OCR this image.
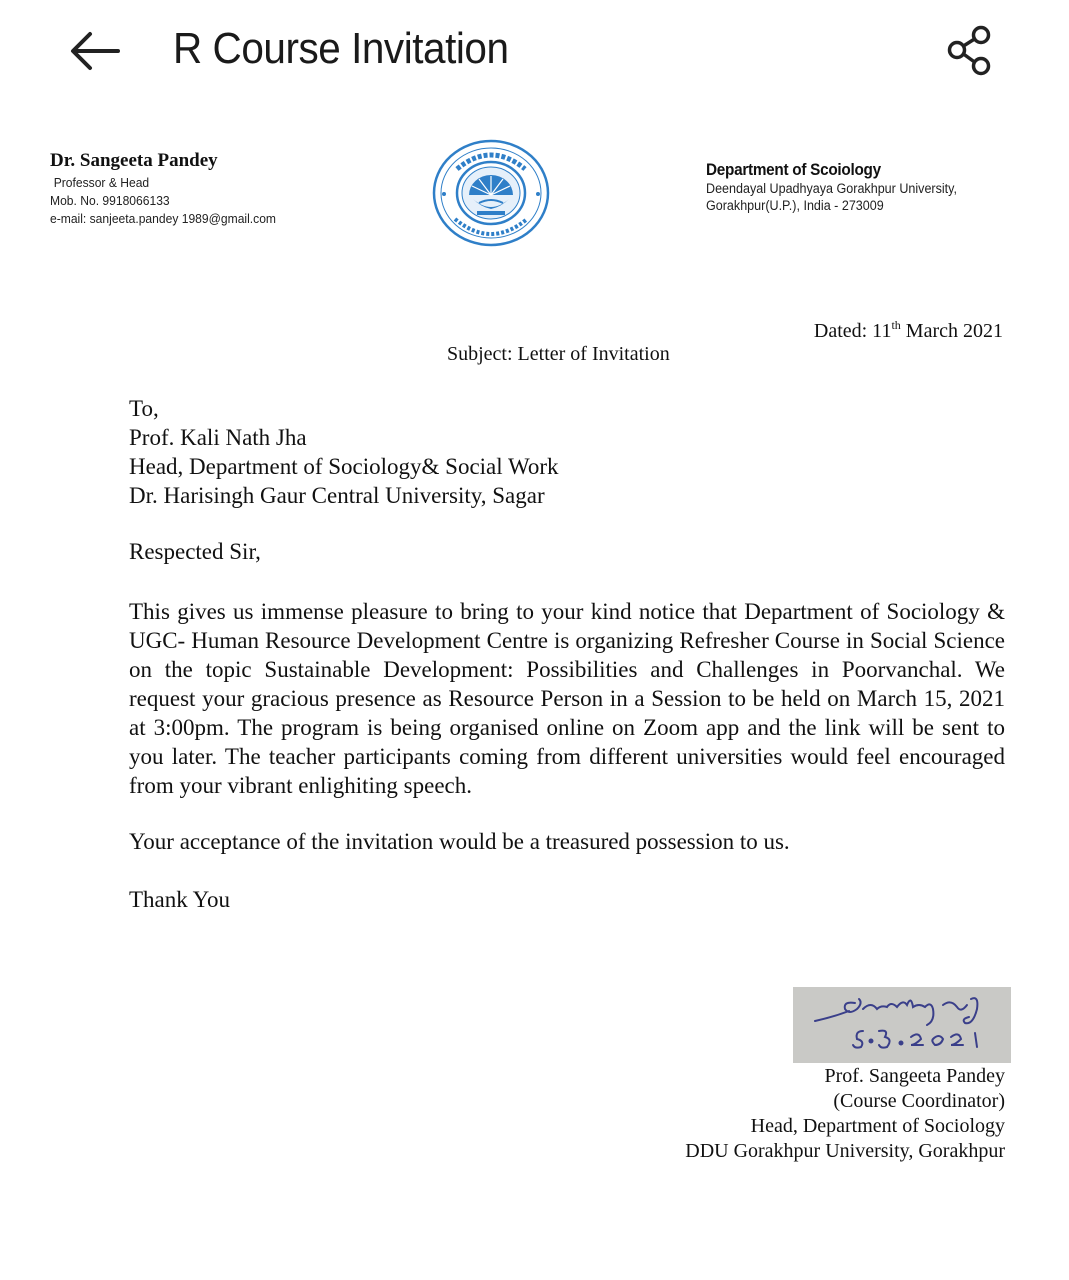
R Course Invitation
Dr. Sangeeta Pandey
Professor & Head
Mob. No. 9918066133
e-mail: sanjeeta.pandey 1989@gmail.com
Department of Scoiology
Deendayal Upadhyaya Gorakhpur University,
Gorakhpur(U.P.), India - 273009
Dated: 11th March 2021
Subject: Letter of Invitation
To,
Prof. Kali Nath Jha
Head, Department of Sociology& Social Work
Dr. Harisingh Gaur Central University, Sagar
Respected Sir,
This gives us immense pleasure to bring to your kind notice that Department of Sociology & UGC- Human Resource Development Centre is organizing Refresher Course in Social Science on the topic Sustainable Development: Possibilities and Challenges in Poorvanchal. We request your gracious presence as Resource Person in a Session to be held on March 15, 2021 at 3:00pm. The program is being organised online on Zoom app and the link will be sent to you later. The teacher participants coming from different universities would feel encouraged from your vibrant enlighiting speech.
Your acceptance of the invitation would be a treasured possession to us.
Thank You
Prof. Sangeeta Pandey
(Course Coordinator)
Head, Department of Sociology
DDU Gorakhpur University, Gorakhpur
